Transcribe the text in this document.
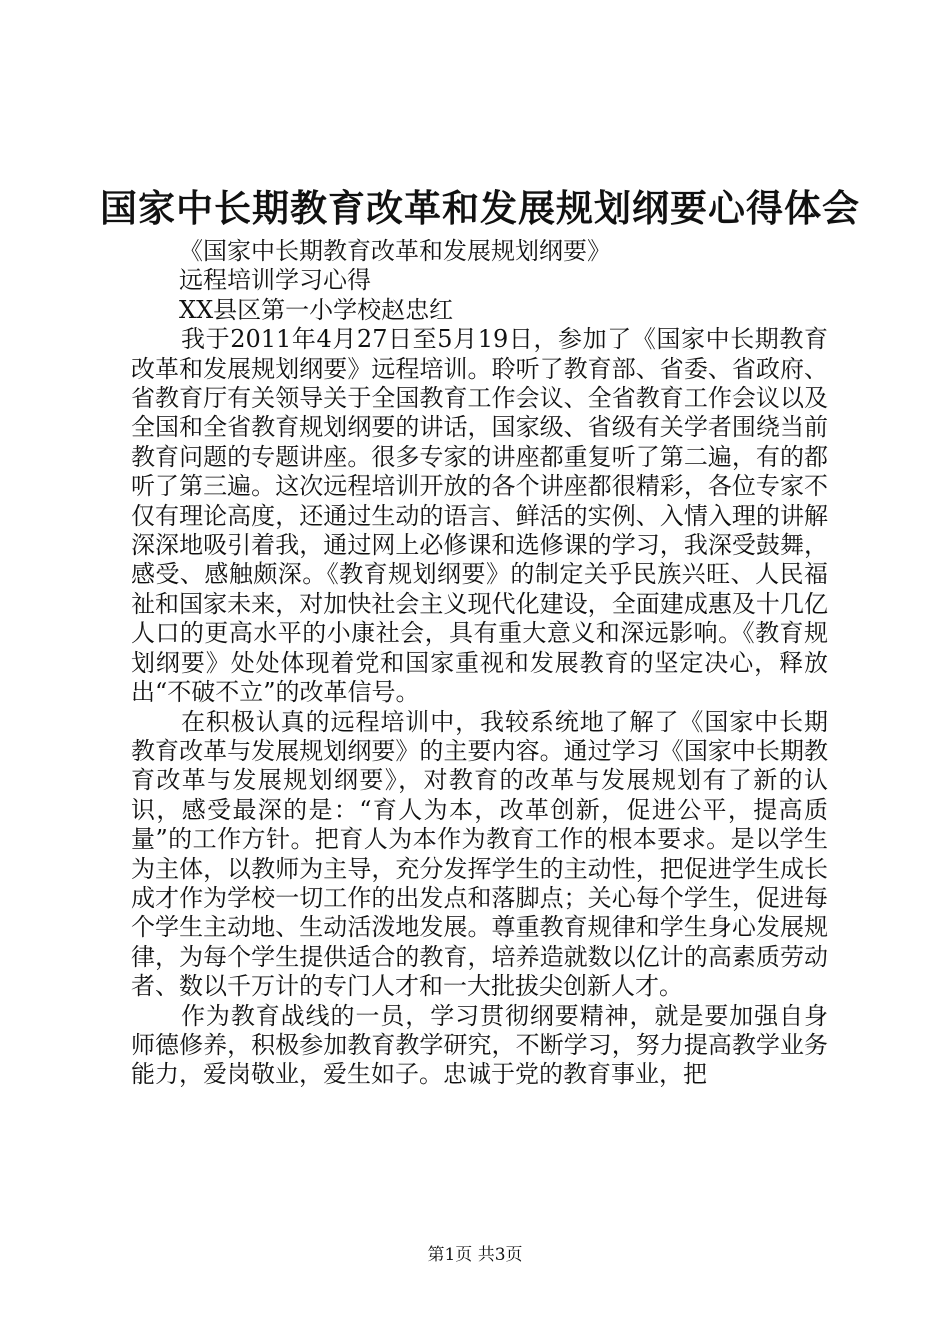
国家中长期教育改革和发展规划纲要心得体会

《国家中长期教育改革和发展规划纲要》

远程培训学习心得

XX县区第一小学校赵忠红

我于2011年4月27日至5月19日，参加了《国家中长期教育改革和发展规划纲要》远程培训。聆听了教育部、省委、省政府、省教育厅有关领导关于全国教育工作会议、全省教育工作会议以及全国和全省教育规划纲要的讲话，国家级、省级有关学者围绕当前教育问题的专题讲座。很多专家的讲座都重复听了第二遍，有的都听了第三遍。这次远程培训开放的各个讲座都很精彩，各位专家不仅有理论高度，还通过生动的语言、鲜活的实例、入情入理的讲解深深地吸引着我，通过网上必修课和选修课的学习，我深受鼓舞，感受、感触颇深。《教育规划纲要》的制定关乎民族兴旺、人民福祉和国家未来，对加快社会主义现代化建设，全面建成惠及十几亿人口的更高水平的小康社会，具有重大意义和深远影响。《教育规划纲要》处处体现着党和国家重视和发展教育的坚定决心，释放出“不破不立”的改革信号。

在积极认真的远程培训中，我较系统地了解了《国家中长期教育改革与发展规划纲要》的主要内容。通过学习《国家中长期教育改革与发展规划纲要》，对教育的改革与发展规划有了新的认识，感受最深的是：“育人为本，改革创新，促进公平，提高质量”的工作方针。把育人为本作为教育工作的根本要求。是以学生为主体，以教师为主导，充分发挥学生的主动性，把促进学生成长成才作为学校一切工作的出发点和落脚点；关心每个学生，促进每个学生主动地、生动活泼地发展。尊重教育规律和学生身心发展规律，为每个学生提供适合的教育，培养造就数以亿计的高素质劳动者、数以千万计的专门人才和一大批拔尖创新人才。

作为教育战线的一员，学习贯彻纲要精神，就是要加强自身师德修养，积极参加教育教学研究，不断学习，努力提高教学业务能力，爱岗敬业，爱生如子。忠诚于党的教育事业，把

第1页 共3页
